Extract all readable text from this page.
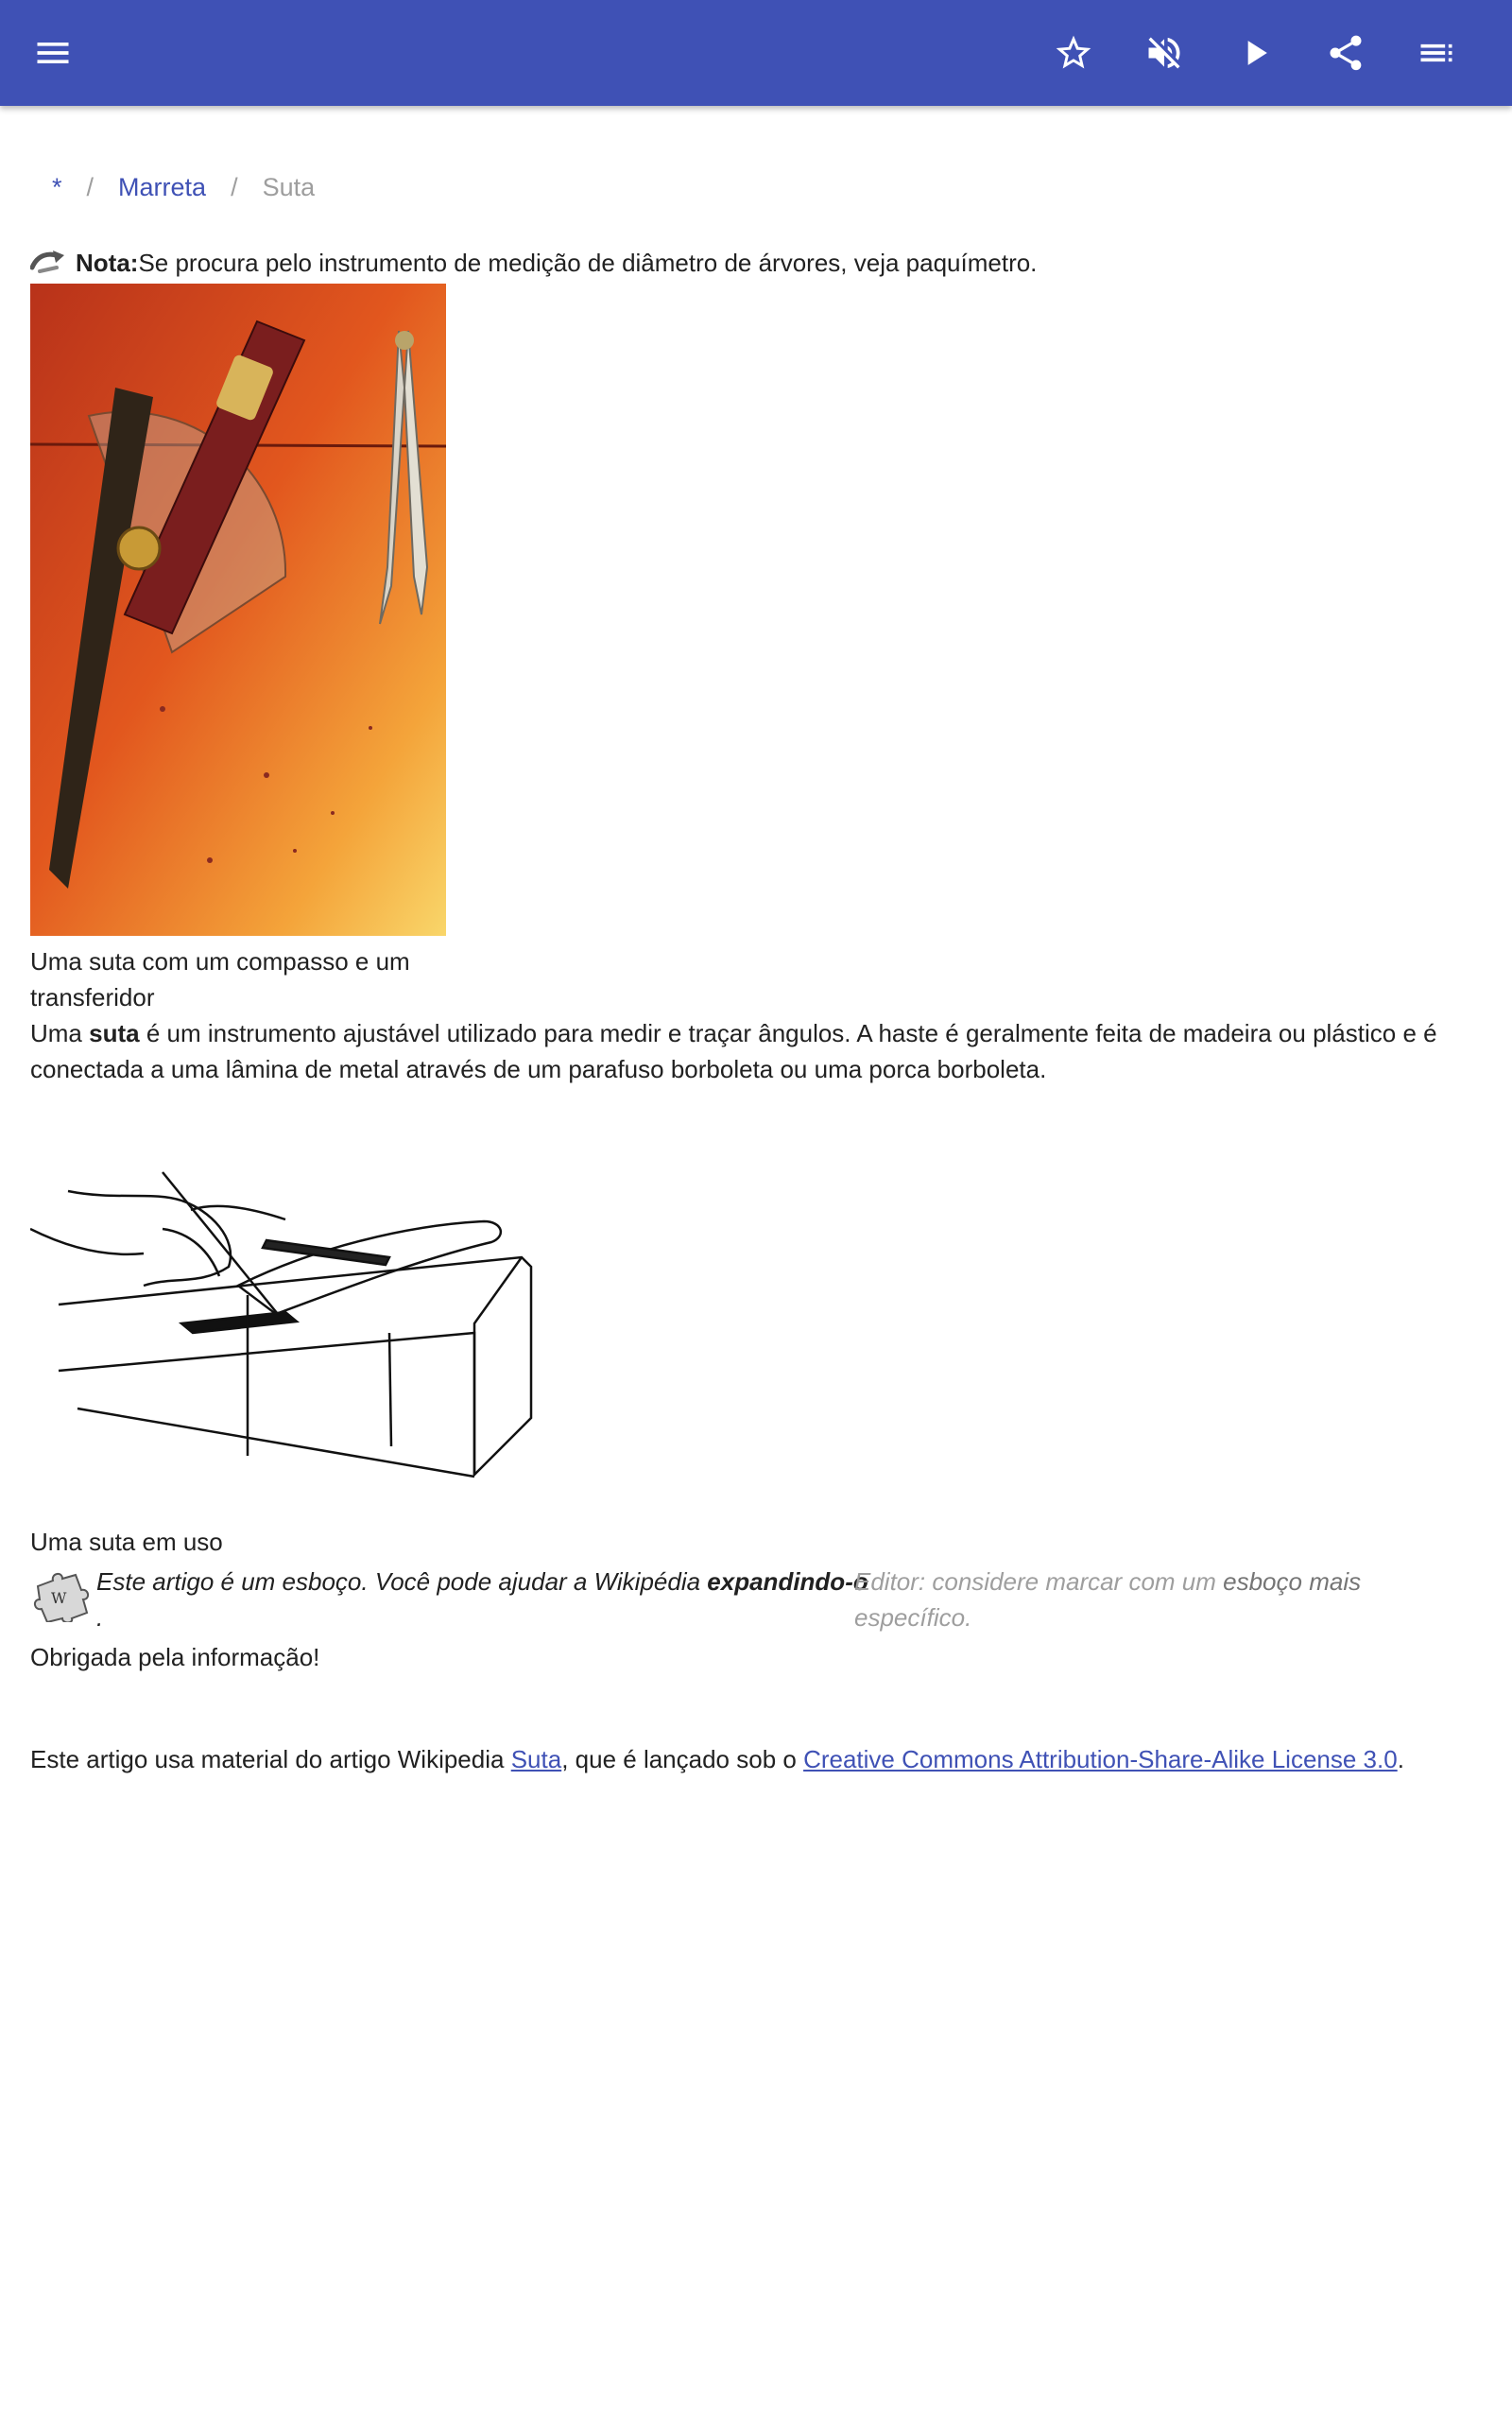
* / Marreta / Suta
Nota: Se procura pelo instrumento de medição de diâmetro de árvores, veja paquímetro.
Uma suta com um compasso e um transferidor
Uma suta é um instrumento ajustável utilizado para medir e traçar ângulos. A haste é geralmente feita de madeira ou plástico e é conectada a uma lâmina de metal através de um parafuso borboleta ou uma porca borboleta.
Uma suta em uso
W
Este artigo é um esboço. Você pode ajudar a Wikipédia expandindo-o .
Editor: considere marcar com um esboço mais específico.
Obrigada pela informação!
Este artigo usa material do artigo Wikipedia Suta, que é lançado sob o Creative Commons Attribution-Share-Alike License 3.0.
